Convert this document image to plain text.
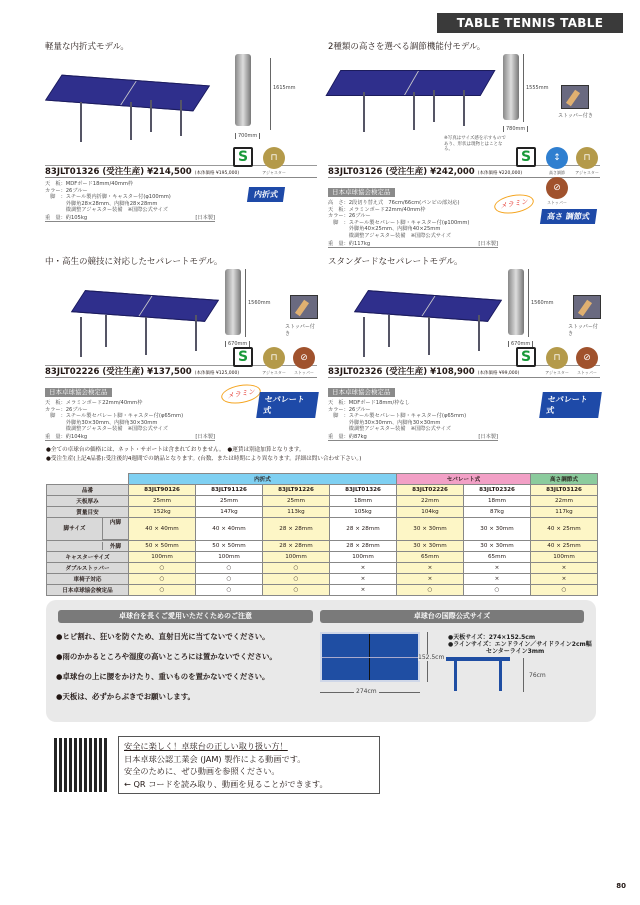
TABLE TENNIS TABLE
軽量な内折式モデル。
1615mm
700mm
83JLT01326 (受注生産) ¥214,500 (本体価格 ¥195,000)
天　板：MDFボード18mm/40mm枠
カラー：26ブルー
　脚　：スチール製内折脚・キャスター付(φ100mm)
　　　　外脚角28×28mm、内脚角28×28mm
　　　　微調整アジャスター装備　※国際公式サイズ
重　量：約105kg	[日本製]
S	⊓
アジャスター
内折式
2種類の高さを選べる調節機能付モデル。
1555mm
780mm
ストッパー付き
※写真はサイズ感を示すもので あり、形状は現物とはことなる。
83JLT03126 (受注生産) ¥242,000 (本体価格 ¥220,000)
日本卓球協会検定品
高　さ：2段切り替え式　76cm/66cm(パンピの部対応)
天　板：メラミンボード22mm/40mm枠
カラー：26ブルー
　脚　：スチール製セパレート脚・キャスター付(φ100mm)
　　　　外脚角40×25mm、内脚角40×25mm
　　　　微調整アジャスター装備　※国際公式サイズ
重　量：約117kg	[日本製]
S	↕
高さ調節
⊓
アジャスター
⊘
ストッパー
メラミン
高さ 調節式
中・高生の競技に対応したセパレートモデル。
1560mm
670mm
ストッパー付き
83JLT02226 (受注生産) ¥137,500 (本体価格 ¥125,000)
日本卓球協会検定品
天　板：メラミンボード22mm/40mm枠
カラー：26ブルー
　脚　：スチール製セパレート脚・キャスター付(φ65mm)
　　　　外脚角30×30mm、内脚角30×30mm
　　　　微調整アジャスター装備　※国際公式サイズ
重　量：約104kg	[日本製]
S	⊓
アジャスター
⊘
ストッパー
メラミン	セパレート式
スタンダードなセパレートモデル。
1560mm
670mm
ストッパー付き
83JLT02326 (受注生産) ¥108,900 (本体価格 ¥99,000)
日本卓球協会検定品
天　板：MDFボード18mm/枠なし
カラー：26ブルー
　脚　：スチール製セパレート脚・キャスター付(φ65mm)
　　　　外脚角30×30mm、内脚角30×30mm
　　　　微調整アジャスター装備　※国際公式サイズ
重　量：約87kg	[日本製]
S	⊓
アジャスター
⊘
ストッパー
セパレート式
●全ての卓球台の価格には、ネット・サポートは含まれておりません。　●運賃は別途加算となります。
●受注生産(上記4品番):受注後約4週間での納品となります。(台数、または時期により異なります。詳細は問い合わせ下さい。)
	内折式				セパレート式		高さ調節式
品番	83JLT90126	83JLT91126	83JLT91226	83JLT01326	83JLT02226	83JLT02326	83JLT03126
天板厚み	25mm	25mm	25mm	18mm	22mm	18mm	22mm
質量目安	152kg	147kg	113kg	105kg	104kg	87kg	117kg

脚サイズ
内脚	40 × 40mm	40 × 40mm	28 × 28mm	28 × 28mm	30 × 30mm	30 × 30mm	40 × 25mm

外脚	50 × 50mm	50 × 50mm	28 × 28mm	28 × 28mm	30 × 30mm	30 × 30mm	40 × 25mm
キャスターサイズ	100mm	100mm	100mm	100mm	65mm	65mm	100mm
ダブルストッパー	○	○	○	×	×	×	×
車椅子対応	○	○	○	×	×	×	×
日本卓球協会検定品	○	○	○	×	○	○	○
卓球台を長くご愛用いただくためのご注意
●ヒビ割れ、狂いを防ぐため、直射日光に当てないでください。
●雨のかかるところや湿度の高いところには置かないでください。
●卓球台の上に腰をかけたり、重いものを置かないでください。
●天板は、必ずからぶきでお願いします。
卓球台の国際公式サイズ
152.5cm
274cm
●天板サイズ：274×152.5cm
●ラインサイズ：エンドライン／サイドライン2cm幅
センターライン3mm
76cm
安全に楽しく！卓球台の正しい取り扱い方！
日本卓球公認工業会 (JAM) 製作による動画です。
安全のために、ぜひ動画を参照ください。
← QR コードを読み取り、動画を見ることができます。
80
